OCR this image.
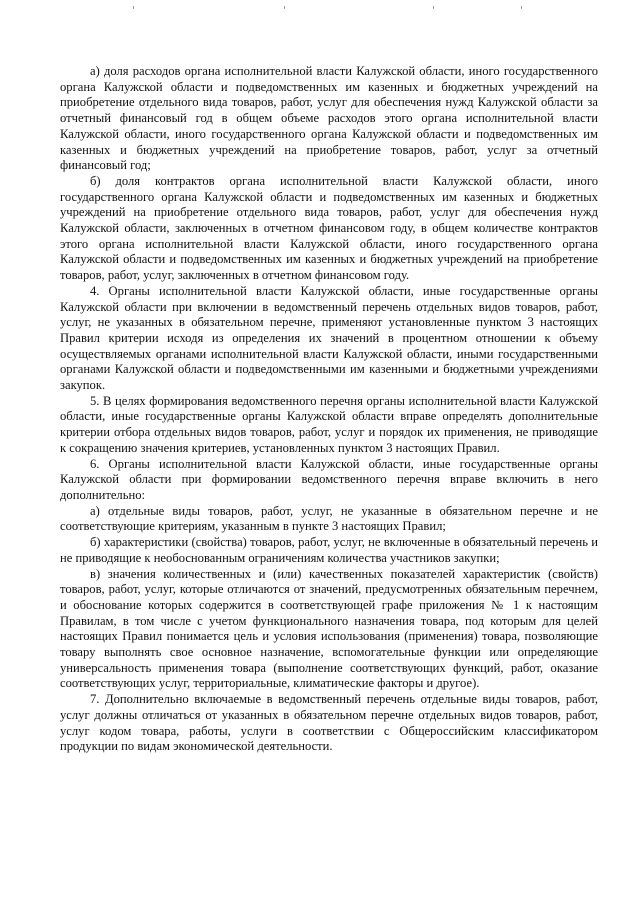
а) доля расходов органа исполнительной власти Калужской области, иного государственного органа Калужской области и подведомственных им казенных и бюджетных учреждений на приобретение отдельного вида товаров, работ, услуг для обеспечения нужд Калужской области за отчетный финансовый год в общем объеме расходов этого органа исполнительной власти Калужской области, иного государственного органа Калужской области и подведомственных им казенных и бюджетных учреждений на приобретение товаров, работ, услуг за отчетный финансовый год;

б) доля контрактов органа исполнительной власти Калужской области, иного государственного органа Калужской области и подведомственных им казенных и бюджетных учреждений на приобретение отдельного вида товаров, работ, услуг для обеспечения нужд Калужской области, заключенных в отчетном финансовом году, в общем количестве контрактов этого органа исполнительной власти Калужской области, иного государственного органа Калужской области и подведомственных им казенных и бюджетных учреждений на приобретение товаров, работ, услуг, заключенных в отчетном финансовом году.

4. Органы исполнительной власти Калужской области, иные государственные органы Калужской области при включении в ведомственный перечень отдельных видов товаров, работ, услуг, не указанных в обязательном перечне, применяют установленные пунктом 3 настоящих Правил критерии исходя из определения их значений в процентном отношении к объему осуществляемых органами исполнительной власти Калужской области, иными государственными органами Калужской области и подведомственными им казенными и бюджетными учреждениями закупок.

5. В целях формирования ведомственного перечня органы исполнительной власти Калужской области, иные государственные органы Калужской области вправе определять дополнительные критерии отбора отдельных видов товаров, работ, услуг и порядок их применения, не приводящие к сокращению значения критериев, установленных пунктом 3 настоящих Правил.

6. Органы исполнительной власти Калужской области, иные государственные органы Калужской области при формировании ведомственного перечня вправе включить в него дополнительно:

а) отдельные виды товаров, работ, услуг, не указанные в обязательном перечне и не соответствующие критериям, указанным в пункте 3 настоящих Правил;

б) характеристики (свойства) товаров, работ, услуг, не включенные в обязательный перечень и не приводящие к необоснованным ограничениям количества участников закупки;

в) значения количественных и (или) качественных показателей характеристик (свойств) товаров, работ, услуг, которые отличаются от значений, предусмотренных обязательным перечнем, и обоснование которых содержится в соответствующей графе приложения № 1 к настоящим Правилам, в том числе с учетом функционального назначения товара, под которым для целей настоящих Правил понимается цель и условия использования (применения) товара, позволяющие товару выполнять свое основное назначение, вспомогательные функции или определяющие универсальность применения товара (выполнение соответствующих функций, работ, оказание соответствующих услуг, территориальные, климатические факторы и другое).

7. Дополнительно включаемые в ведомственный перечень отдельные виды товаров, работ, услуг должны отличаться от указанных в обязательном перечне отдельных видов товаров, работ, услуг кодом товара, работы, услуги в соответствии с Общероссийским классификатором продукции по видам экономической деятельности.
